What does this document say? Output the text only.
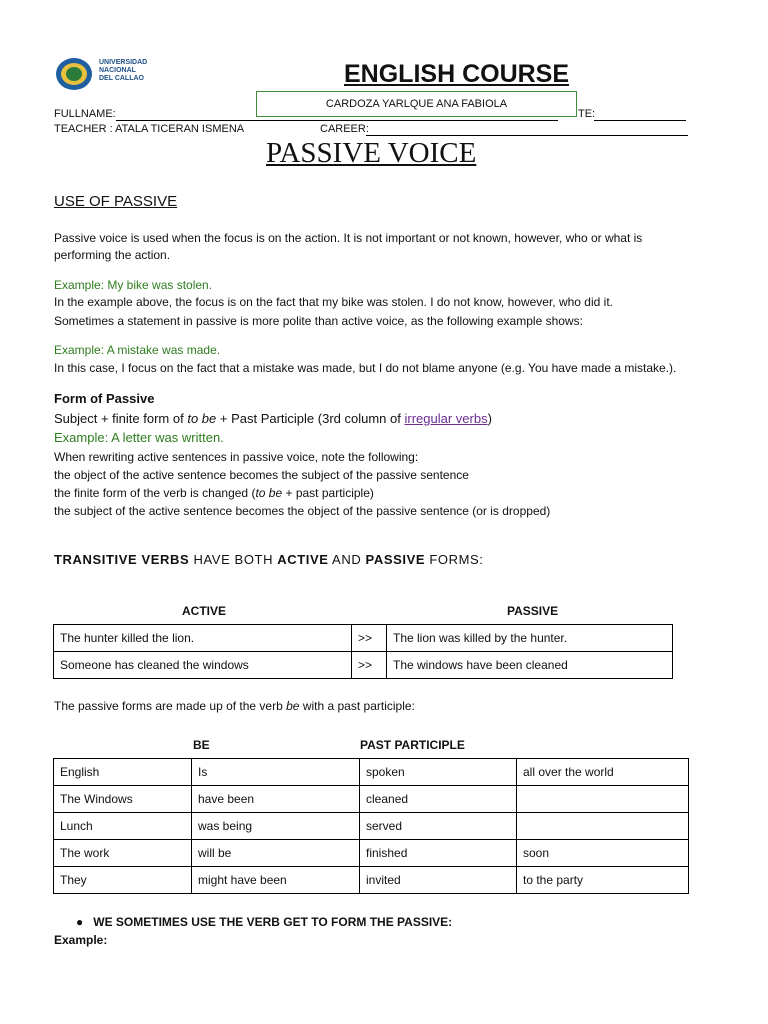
UNIVERSIDAD
NACIONAL
DEL CALLAO	ENGLISH COURSE
FULLNAME:	TE:
CARDOZA YARLQUE ANA FABIOLA
TEACHER : ATALA TICERAN ISMENA	CAREER:
PASSIVE VOICE
USE OF PASSIVE
Passive voice is used when the focus is on the action. It is not important or not known, however, who or what is
performing the action.
Example: My bike was stolen.
In the example above, the focus is on the fact that my bike was stolen. I do not know, however, who did it.
Sometimes a statement in passive is more polite than active voice, as the following example shows:
Example: A mistake was made.
In this case, I focus on the fact that a mistake was made, but I do not blame anyone (e.g. You have made a mistake.).
Form of Passive
Subject + finite form of to be + Past Participle (3rd column of irregular verbs)
Example: A letter was written.
When rewriting active sentences in passive voice, note the following:
the object of the active sentence becomes the subject of the passive sentence
the finite form of the verb is changed (to be + past participle)
the subject of the active sentence becomes the object of the passive sentence (or is dropped)
TRANSITIVE VERBS HAVE BOTH ACTIVE AND PASSIVE FORMS:
ACTIVE	PASSIVE
The hunter killed the lion.	>>	The lion was killed by the hunter.
Someone has cleaned the windows	>>	The windows have been cleaned
The passive forms are made up of the verb be with a past participle:
BE	PAST PARTICIPLE
English	Is	spoken	all over the world
The Windows	have been	cleaned	
Lunch	was being	served	
The work	will be	finished	soon
They	might have been	invited	to the party
● WE SOMETIMES USE THE VERB GET TO FORM THE PASSIVE:
Example:
